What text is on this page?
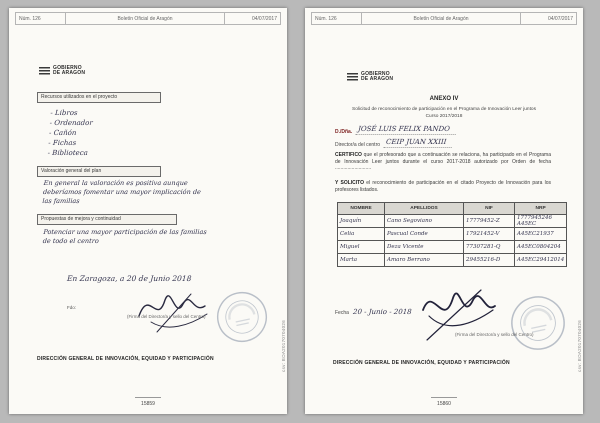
Núm. 126	Boletín Oficial de Aragón	04/07/2017
GOBIERNO
DE ARAGON
Recursos utilizados en el proyecto
- Libros
- Ordenador
- Cañón
- Fichas
- Biblioteca
Valoración general del plan
En general la valoración es positiva aunque
deberíamos fomentar una mayor implicación de
las familias
Propuestas de mejora y continuidad
Potenciar una mayor participación de las familias
de todo el centro
En Zaragoza, a 20 de Junio 2018
Fdo:
(Firma del Director/a y sello del Centro)
DIRECCIÓN GENERAL DE INNOVACIÓN, EQUIDAD Y PARTICIPACIÓN	csv: BOA20170704026
15859
Núm. 126	Boletín Oficial de Aragón	04/07/2017
GOBIERNO
DE ARAGON
ANEXO IV
Solicitud de reconocimiento de participación en el Programa de Innovación Leer juntos
Curso 2017/2018
D./Dña. JOSÉ LUIS FELIX PANDO
Director/a del centro CEIP JUAN XXIII
CERTIFICO que el profesorado que a continuación se relaciona, ha participado en el Programa de Innovación Leer juntos durante el curso 2017-2018 autorizado por Orden de fecha ..........................
Y SOLICITO el reconocimiento de participación en el citado Proyecto de Innovación para los profesores listados.
NOMBRE	APELLIDOS	NIF	NRP
Joaquín	Cano Segoviano	17779452-Z	1777945246 A45EC
Celia	Pascual Conde	17921452-V	A45EC21937
Miguel	Deza Vicente	77307281-Q	A45EC0804204
Marta	Amaro Berrano	29455216-D	A45EC29412014
Fecha 20 - Junio - 2018
(Firma del Director/a y sello del Centro)
DIRECCIÓN GENERAL DE INNOVACIÓN, EQUIDAD Y PARTICIPACIÓN	csv: BOA20170704026
15860
